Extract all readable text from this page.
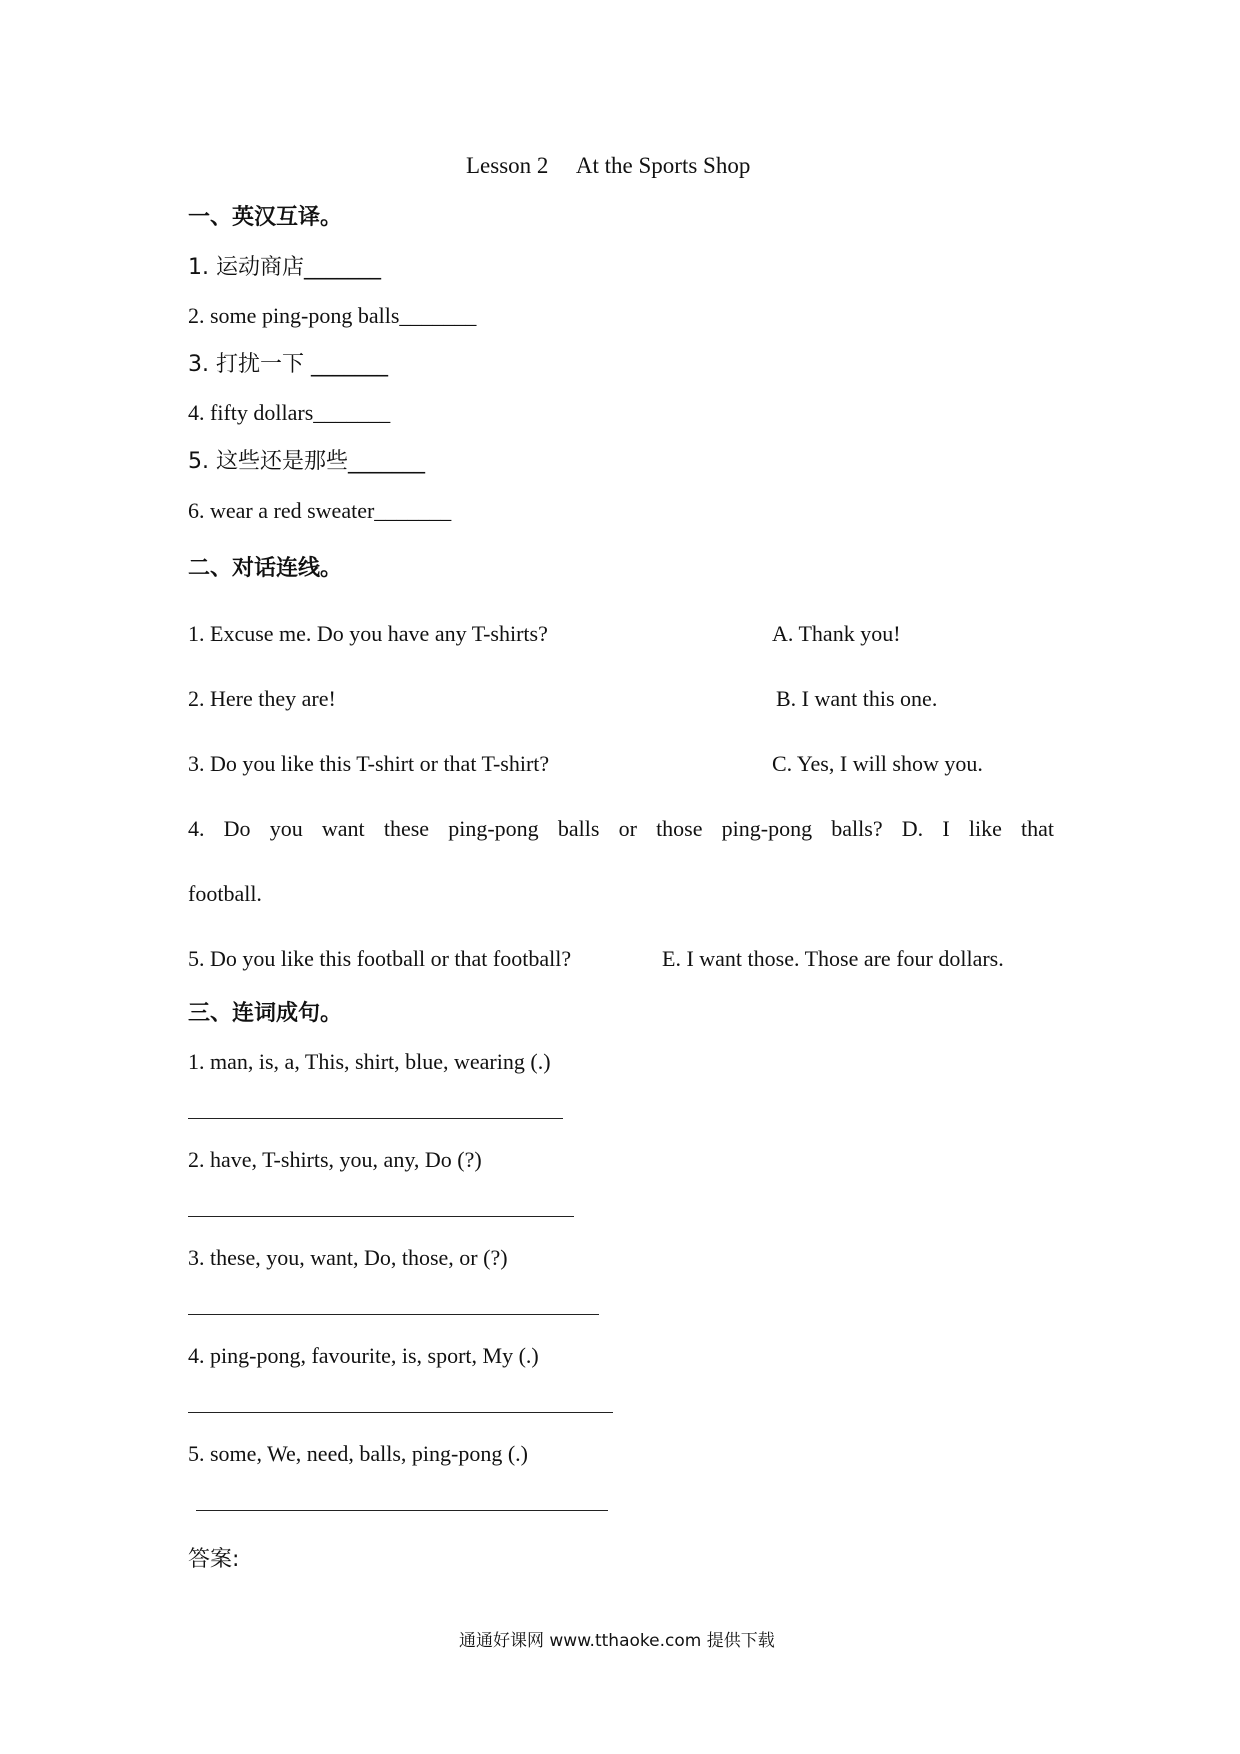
Lesson 2  At the Sports Shop
一、英汉互译。
1. 运动商店_______
2. some ping-pong balls_______
3. 打扰一下 _______
4. fifty dollars_______
5. 这些还是那些_______
6. wear a red sweater_______
二、对话连线。
1. Excuse me. Do you have any T-shirts?	A. Thank you!
2. Here they are!	B. I want this one.
3. Do you like this T-shirt or that T-shirt?	C. Yes, I will show you.
4. Do you want these ping-pong balls or those ping-pong balls? D. I like that
football.
5. Do you like this football or that football?	E. I want those. Those are four dollars.
三、连词成句。
1. man, is, a, This, shirt, blue, wearing (.)
2. have, T-shirts, you, any, Do (?)
3. these, you, want, Do, those, or (?)
4. ping-pong, favourite, is, sport, My (.)
5. some, We, need, balls, ping-pong (.)
答案:
通通好课网 www.tthaoke.com 提供下载
